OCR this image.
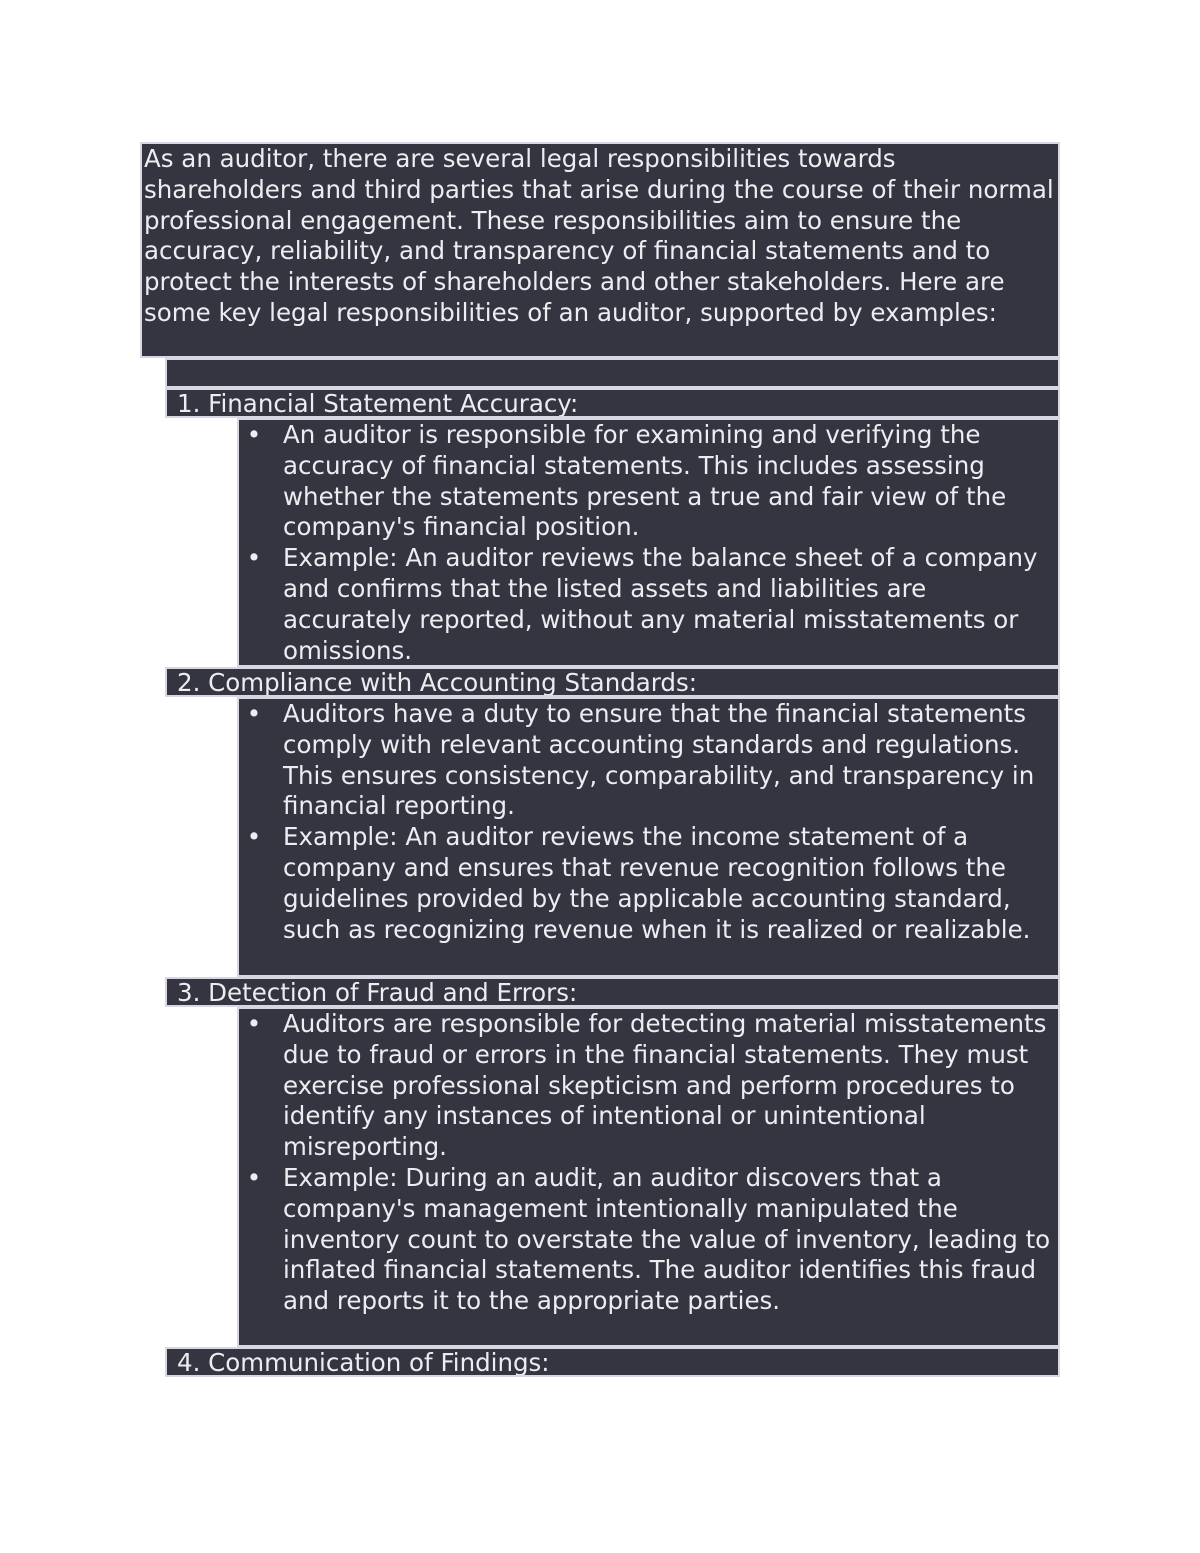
As an auditor, there are several legal responsibilities towards shareholders and third parties that arise during the course of their normal professional engagement. These responsibilities aim to ensure the accuracy, reliability, and transparency of financial statements and to protect the interests of shareholders and other stakeholders. Here are some key legal responsibilities of an auditor, supported by examples:
1. Financial Statement Accuracy:
• An auditor is responsible for examining and verifying the accuracy of financial statements. This includes assessing whether the statements present a true and fair view of the company's financial position.
• Example: An auditor reviews the balance sheet of a company and confirms that the listed assets and liabilities are accurately reported, without any material misstatements or omissions.
2. Compliance with Accounting Standards:
• Auditors have a duty to ensure that the financial statements comply with relevant accounting standards and regulations. This ensures consistency, comparability, and transparency in financial reporting.
• Example: An auditor reviews the income statement of a company and ensures that revenue recognition follows the guidelines provided by the applicable accounting standard, such as recognizing revenue when it is realized or realizable.
3. Detection of Fraud and Errors:
• Auditors are responsible for detecting material misstatements due to fraud or errors in the financial statements. They must exercise professional skepticism and perform procedures to identify any instances of intentional or unintentional misreporting.
• Example: During an audit, an auditor discovers that a company's management intentionally manipulated the inventory count to overstate the value of inventory, leading to inflated financial statements. The auditor identifies this fraud and reports it to the appropriate parties.
4. Communication of Findings:
